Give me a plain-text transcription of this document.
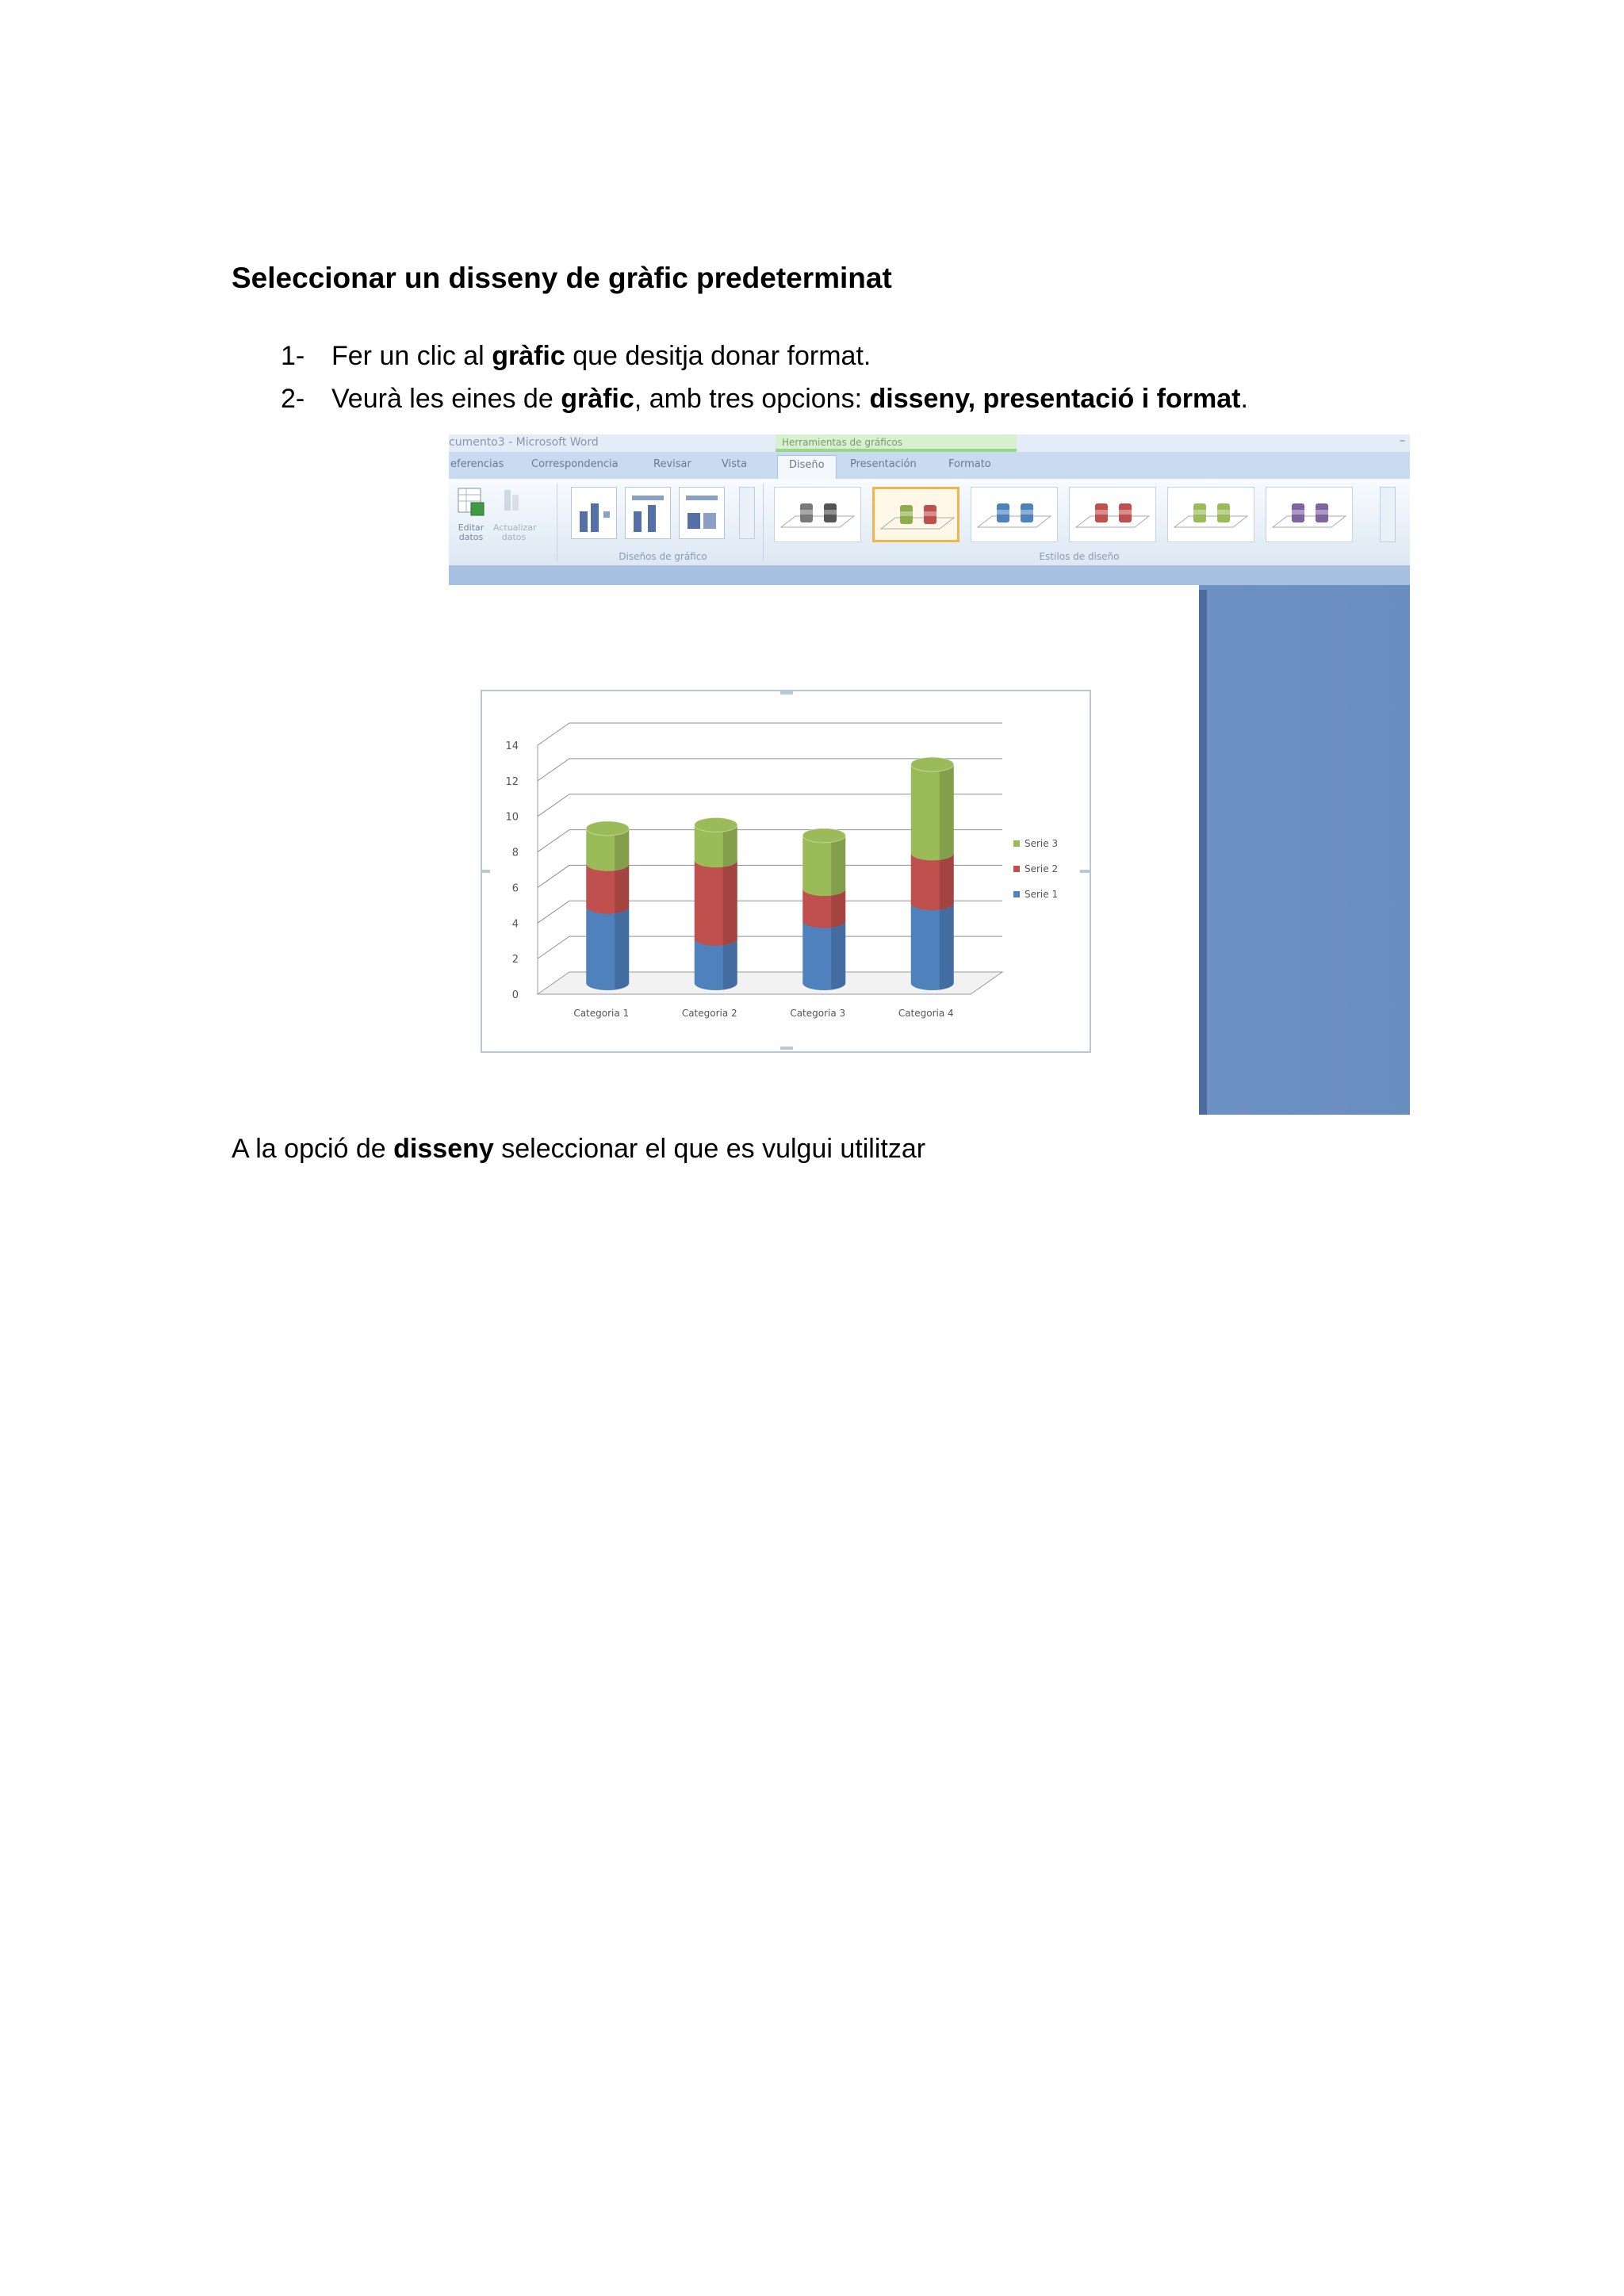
Seleccionar un disseny de gràfic predeterminat
1- Fer un clic al gràfic que desitja donar format.
2- Veurà les eines de gràfic, amb tres opcions: disseny, presentació i format.
cumento3 - Microsoft Word	Herramientas de gráficos	–
eferencias	Correspondencia	Revisar	Vista	Diseño	Presentación	Formato
Editar
datos
Actualizar
datos
Diseños de gráfico	Estilos de diseño
0
2
4
6
8
10
12
14
Categoria 1	Categoria 2	Categoria 3	Categoria 4
Serie 3
Serie 2
Serie 1
A la opció de disseny seleccionar el que es vulgui utilitzar
